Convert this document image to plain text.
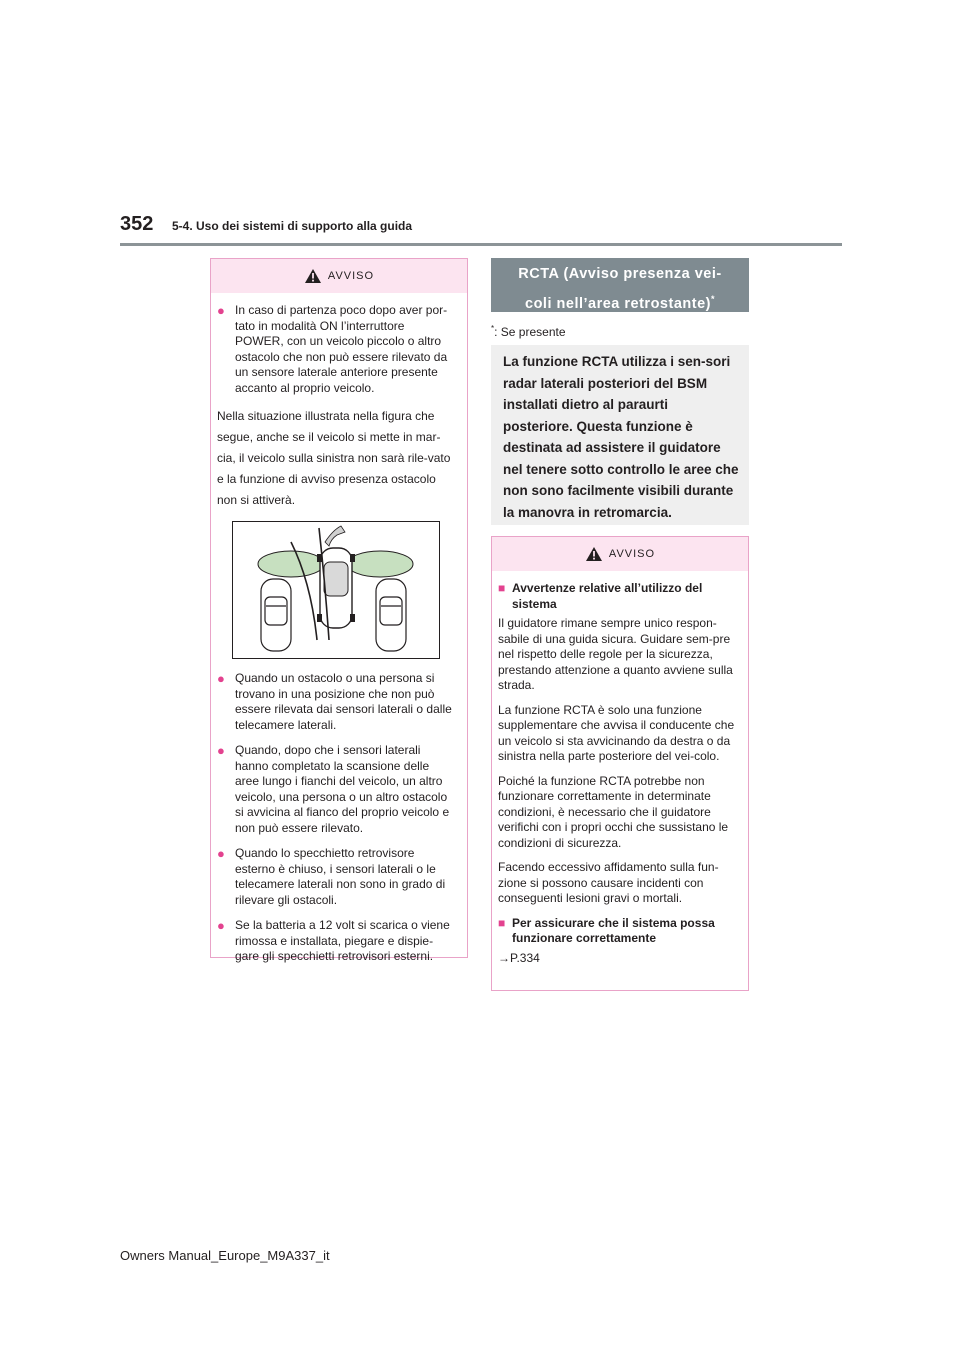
352 5-4. Uso dei sistemi di supporto alla guida
AVVISO
● In caso di partenza poco dopo aver por-tato in modalità ON l’interruttore POWER, con un veicolo piccolo o altro ostacolo che non può essere rilevato da un sensore laterale anteriore presente accanto al proprio veicolo.

Nella situazione illustrata nella figura che segue, anche se il veicolo si mette in mar-cia, il veicolo sulla sinistra non sarà rile-vato e la funzione di avviso presenza ostacolo non si attiverà.

● Quando un ostacolo o una persona si trovano in una posizione che non può essere rilevata dai sensori laterali o dalle telecamere laterali.
● Quando, dopo che i sensori laterali hanno completato la scansione delle aree lungo i fianchi del veicolo, un altro veicolo, una persona o un altro ostacolo si avvicina al fianco del proprio veicolo e non può essere rilevato.
● Quando lo specchietto retrovisore esterno è chiuso, i sensori laterali o le telecamere laterali non sono in grado di rilevare gli ostacoli.
● Se la batteria a 12 volt si scarica o viene rimossa e installata, piegare e dispie-gare gli specchietti retrovisori esterni.
RCTA (Avviso presenza vei-
coli nell’area retrostante)*
*: Se presente
La funzione RCTA utilizza i sen-sori radar laterali posteriori del BSM installati dietro al paraurti posteriore. Questa funzione è destinata ad assistere il guidatore nel tenere sotto controllo le aree che non sono facilmente visibili durante la manovra in retromarcia.
AVVISO
■ Avvertenze relative all’utilizzo del sistema

Il guidatore rimane sempre unico respon-sabile di una guida sicura. Guidare sem-pre nel rispetto delle regole per la sicurezza, prestando attenzione a quanto avviene sulla strada.

La funzione RCTA è solo una funzione supplementare che avvisa il conducente che un veicolo si sta avvicinando da destra o da sinistra nella parte posteriore del vei-colo.

Poiché la funzione RCTA potrebbe non funzionare correttamente in determinate condizioni, è necessario che il guidatore verifichi con i propri occhi che sussistano le condizioni di sicurezza.

Facendo eccessivo affidamento sulla fun-zione si possono causare incidenti con conseguenti lesioni gravi o mortali.

■ Per assicurare che il sistema possa funzionare correttamente

→P.334

Owners Manual_Europe_M9A337_it
